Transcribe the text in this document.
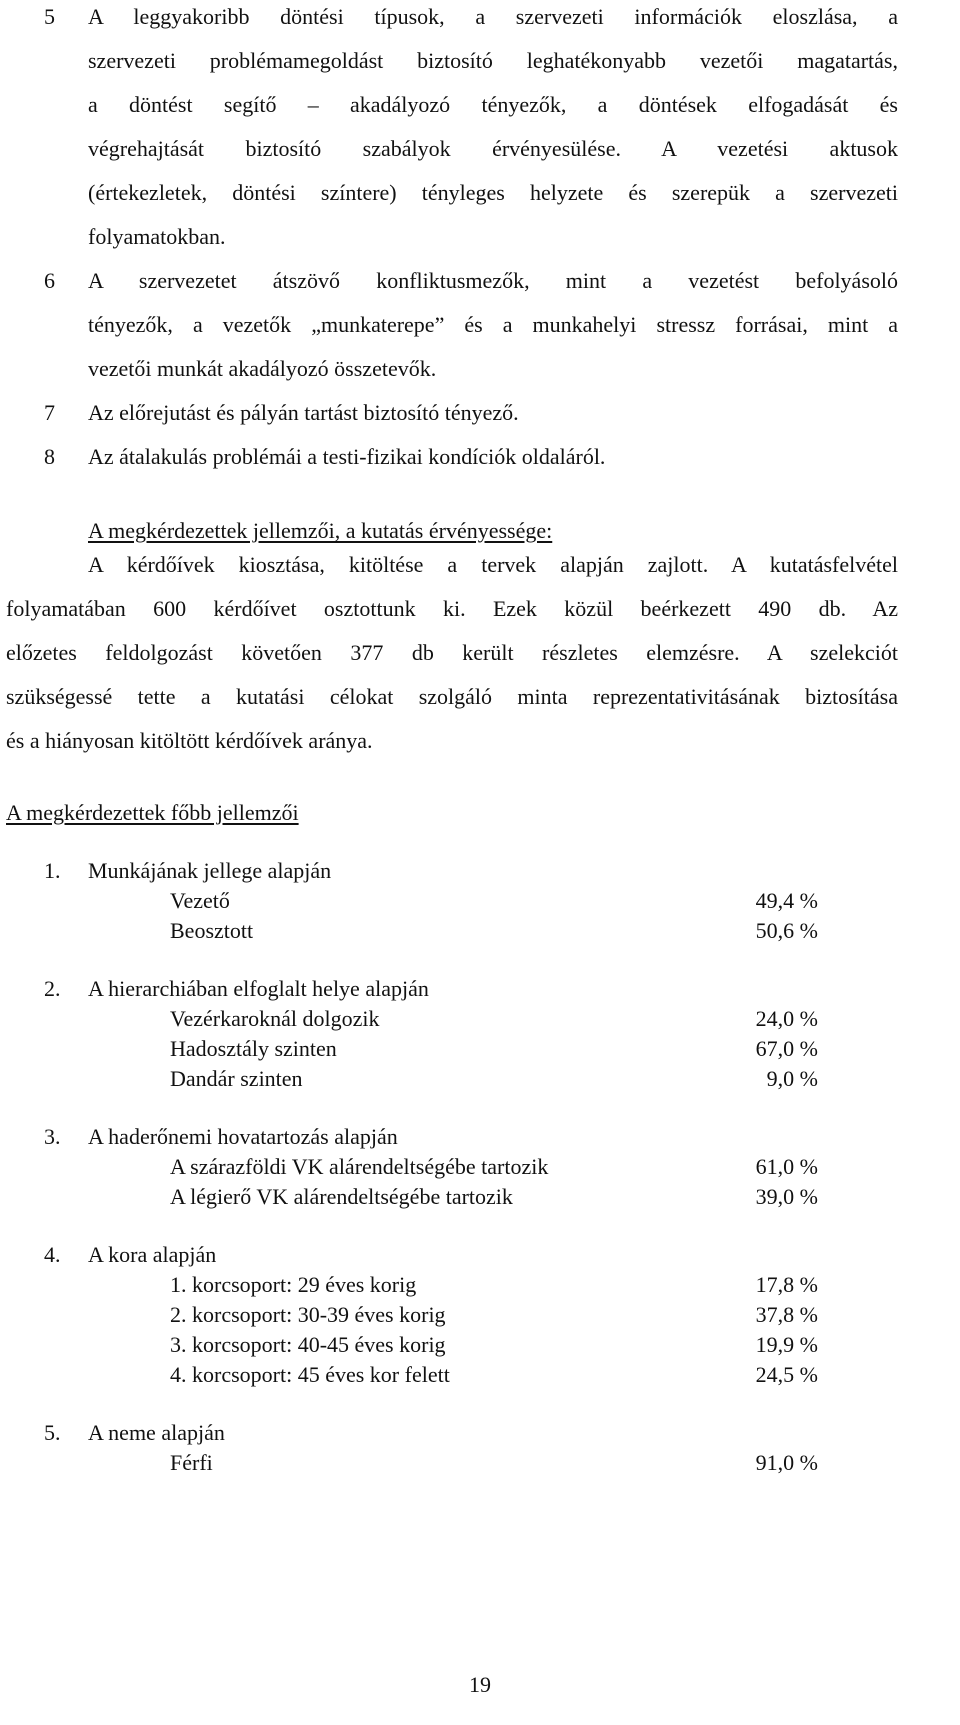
5 A leggyakoribb döntési típusok, a szervezeti információk eloszlása, a
szervezeti problémamegoldást biztosító leghatékonyabb vezetői magatartás,
a döntést segítő – akadályozó tényezők, a döntések elfogadását és
végrehajtását biztosító szabályok érvényesülése. A vezetési aktusok
(értekezletek, döntési színtere) tényleges helyzete és szerepük a szervezeti
folyamatokban.
6 A szervezetet átszövő konfliktusmezők, mint a vezetést befolyásoló
tényezők, a vezetők „munkaterepe” és a munkahelyi stressz forrásai, mint a
vezetői munkát akadályozó összetevők.
7 Az előrejutást és pályán tartást biztosító tényező.
8 Az átalakulás problémái a testi-fizikai kondíciók oldaláról.
A megkérdezettek jellemzői, a kutatás érvényessége:
A kérdőívek kiosztása, kitöltése a tervek alapján zajlott. A kutatásfelvétel
folyamatában 600 kérdőívet osztottunk ki. Ezek közül beérkezett 490 db. Az
előzetes feldolgozást követően 377 db került részletes elemzésre. A szelekciót
szükségessé tette a kutatási célokat szolgáló minta reprezentativitásának biztosítása
és a hiányosan kitöltött kérdőívek aránya.
A megkérdezettek főbb jellemzői
1. Munkájának jellege alapján
Vezető	49,4 %
Beosztott	50,6 %
2. A hierarchiában elfoglalt helye alapján
Vezérkaroknál dolgozik	24,0 %
Hadosztály szinten	67,0 %
Dandár szinten	9,0 %
3. A haderőnemi hovatartozás alapján
A szárazföldi VK alárendeltségébe tartozik	61,0 %
A légierő VK alárendeltségébe tartozik	39,0 %
4. A kora alapján
1. korcsoport: 29 éves korig	17,8 %
2. korcsoport: 30-39 éves korig	37,8 %
3. korcsoport: 40-45 éves korig	19,9 %
4. korcsoport: 45 éves kor felett	24,5 %
5. A neme alapján
Férfi	91,0 %
19
